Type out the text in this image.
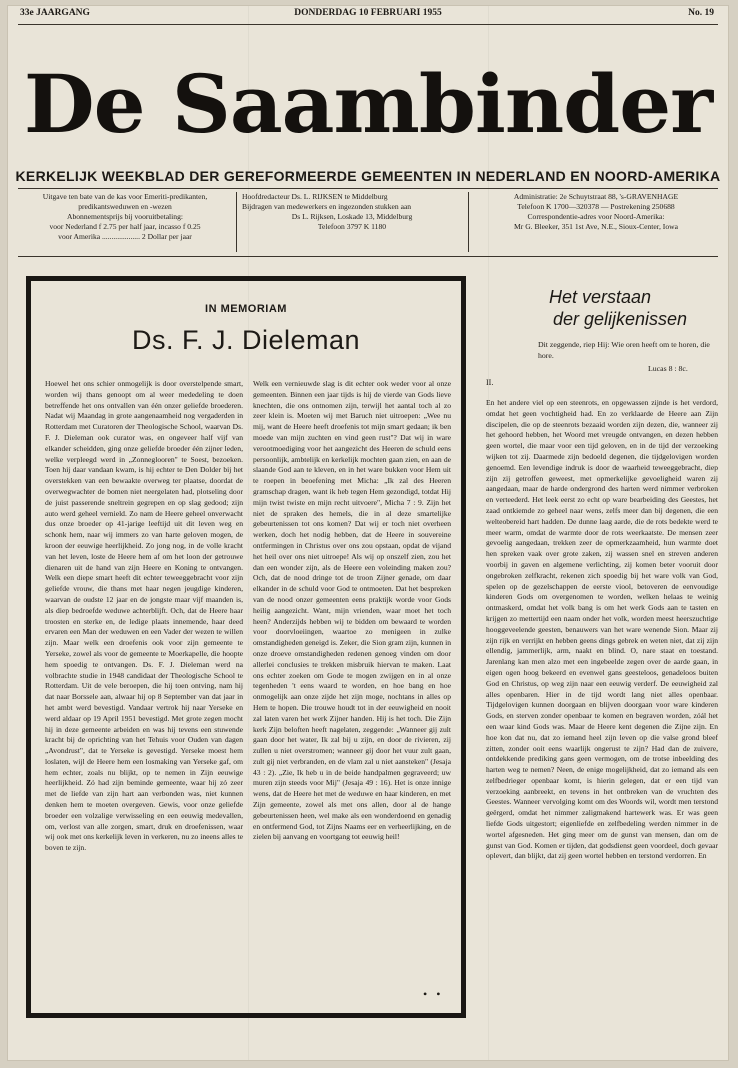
33e JAARGANG	DONDERDAG 10 FEBRUARI 1955	No. 19
De Saambinder
KERKELIJK WEEKBLAD DER GEREFORMEERDE GEMEENTEN IN NEDERLAND EN NOORD-AMERIKA
Uitgave ten bate van de kas voor Emeriti-predikanten,
predikantsweduwen en -wezen
Abonnementsprijs bij vooruitbetaling:
voor Nederland f 2.75 per half jaar, incasso f 0.25
voor Amerika .................... 2 Dollar per jaar
Hoofdredacteur Ds. L. RIJKSEN te Middelburg
Bijdragen van medewerkers en ingezonden stukken aan
Ds L. Rijksen, Loskade 13, Middelburg
Telefoon 3797 K 1180
Administratie: 2e Schuytstraat 88, 's-GRAVENHAGE
Telefoon K 1700—320378 — Postrekening 250688
Correspondentie-adres voor Noord-Amerika:
Mr G. Bleeker, 351 1st Ave, N.E., Sioux-Center, Iowa
IN MEMORIAM
Ds. F. J. Dieleman

Hoewel het ons schier onmogelijk is door overstelpende smart, worden wij thans genoopt om al weer mededeling te doen betreffende het ons ontvallen van één onzer geliefde broederen. Nadat wij Maandag in grote aangenaamheid nog vergaderden in Rotterdam met Curatoren der Theologische School, waarvan Ds. F. J. Dieleman ook curator was, en ongeveer half vijf van elkander scheidden, ging onze geliefde broeder één zijner leden, welke verpleegd werd in „Zonneglooren" te Soest, bezoeken. Toen hij daar vandaan kwam, is hij echter te Den Dolder bij het overstekken van een bewaakte overweg ter plaatse, doordat de overwegwachter de bomen niet neergelaten had, plotseling door de juist passerende sneltrein gegrepen en op slag gedood; zijn auto werd geheel vernield. Zo nam de Heere geheel onverwacht dus onze broeder op 41-jarige leeftijd uit dit leven weg en schonk hem, naar wij immers zo van harte geloven mogen, de kroon der eeuwige heerlijkheid. Zo jong nog, in de volle kracht van het leven, loste de Heere hem af om het loon der getrouwe dienaren uit de hand van zijn Heere en Koning te ontvangen. Welk een diepe smart heeft dit echter teweeggebracht voor zijn geliefde vrouw, die thans met haar negen jeugdige kinderen, waarvan de oudste 12 jaar en de jongste maar vijf maanden is, als diep bedroefde weduwe achterblijft. Och, dat de Heere haar troosten en sterke en, de ledige plaats innemende, haar deed ervaren een Man der weduwen en een Vader der wezen te willen zijn. Maar welk een droefenis ook voor zijn gemeente te Yerseke, zowel als voor de gemeente te Moerkapelle, die hoopte hem spoedig te ontvangen. Ds. F. J. Dieleman werd na volbrachte studie in 1948 candidaat der Theologische School te Rotterdam. Uit de vele beroepen, die hij toen ontving, nam hij dat naar Borssele aan, alwaar hij op 8 September van dat jaar in het ambt werd bevestigd. Vandaar vertrok hij naar Yerseke en werd aldaar op 19 April 1951 bevestigd. Met grote zegen mocht hij in deze gemeente arbeiden en was hij tevens een stuwende kracht bij de oprichting van het Tehuis voor Ouden van dagen „Avondrust", dat te Yerseke is gevestigd. Yerseke moest hem loslaten, wijl de Heere hem een losmaking van Yerseke gaf, om hem echter, zoals nu blijkt, op te nemen in Zijn eeuwige heerlijkheid. Zó had zijn beminde gemeente, waar hij zó zeer met de liefde van zijn hart aan verbonden was, niet kunnen denken hem te moeten overgeven. Gewis, voor onze geliefde broeder een volzalige verwisseling en een eeuwig medevallen, om, verlost van alle zorgen, smart, druk en droefenissen, waar wij ook met ons kerkelijk leven in verkeren, nu zo ineens alles te boven te zijn.

Welk een vernieuwde slag is dit echter ook weder voor al onze gemeenten. Binnen een jaar tijds is hij de vierde van Gods lieve knechten, die ons ontnomen zijn, terwijl het aantal toch al zo zeer klein is. Moeten wij met Baruch niet uitroepen: „Wee nu mij, want de Heere heeft droefenis tot mijn smart gedaan; ik ben moede van mijn zuchten en vind geen rust"? Dat wij in ware verootmoediging voor het aangezicht des Heeren de schuld eens persoonlijk, ambtelijk en kerkelijk mochten gaan zien, en aan de slaande God aan te kleven, en in het ware bukken voor Hem uit te roepen in beoefening met Micha: „Ik zal des Heeren gramschap dragen, want ik heb tegen Hem gezondigd, totdat Hij mijn twist twiste en mijn recht uitvoere", Micha 7 : 9. Zijn het niet de spraken des hemels, die in al deze smartelijke gebeurtenissen tot ons komen? Dat wij er toch niet overheen werken, doch het nodig hebben, dat de Heere in souvereine ontfermingen in Christus over ons zou opstaan, opdat de vijand het heil over ons niet uitroepe! Als wij op onszelf zien, zou het dan een wonder zijn, als de Heere een voleinding maken zou? Och, dat de nood dringe tot de troon Zijner genade, om daar elkander in de schuld voor God te ontmoeten. Dat het bespreken van de nood onzer gemeenten eens praktijk worde voor Gods heilig aangezicht. Want, mijn vrienden, waar moet het toch heen? Anderzijds hebben wij te bidden om bewaard te worden voor doorvloeiingen, waartoe zo menigeen in zulke omstandigheden geneigd is. Zeker, die Sion gram zijn, kunnen in onze droeve omstandigheden redenen genoeg vinden om door allerlei conclusies te trekken misbruik hiervan te maken. Laat ons echter zoeken om Gode te mogen zwijgen en in al onze tegenheden 't eens waard te worden, en hoe bang en hoe onmogelijk aan onze zijde het zijn moge, nochtans in alles op Hem te hopen. Die trouwe houdt tot in der eeuwigheid en nooit zal laten varen het werk Zijner handen. Hij is het toch. Die Zijn kerk Zijn beloften heeft nagelaten, zeggende: „Wanneer gij zult gaan door het water, Ik zal bij u zijn, en door de rivieren, zij zullen u niet overstromen; wanneer gij door het vuur zult gaan, zult gij niet verbranden, en de vlam zal u niet aansteken" (Jesaja 43 : 2). „Zie, Ik heb u in de beide handpalmen gegraveerd; uw muren zijn steeds voor Mij" (Jesaja 49 : 16). Het is onze innige wens, dat de Heere het met de weduwe en haar kinderen, en met Zijn gemeente, zowel als met ons allen, door al de hange gebeurtenissen heen, wel make als een wonderdoend en genadig en ontfermend God, tot Zijns Naams eer en verheerlijking, en de zielen bij aanvang en voortgang tot eeuwig heil!

• •
Het verstaan
der gelijkenissen
Dit zeggende, riep Hij: Wie oren heeft om te horen, die hore.
Lucas 8 : 8c.
II.

En het andere viel op een steenrots, en opgewassen zijnde is het verdord, omdat het geen vochtigheid had. En zo verklaarde de Heere aan Zijn discipelen, die op de steenrots bezaaid worden zijn dezen, die, wanneer zij het gehoord hebben, het Woord met vreugde ontvangen, en dezen hebben geen wortel, die maar voor een tijd geloven, en in de tijd der verzoeking wijken tot zij. Daarmede zijn bedoeld degenen, die tijdgelovigen worden genoemd. Een levendige indruk is door de waarheid teweeggebracht, diep zijn zij getroffen geweest, met opmerkelijke gevoeligheid waren zij aangedaan, maar de harde ondergrond des harten werd nimmer verbroken en verteederd. Het leek eerst zo echt op ware bearbeiding des Geestes, het zaad ontkiemde zo geheel naar wens, zelfs meer dan bij degenen, die een welteobereid hart hadden. De dunne laag aarde, die de rots bedekte werd te meer warm, omdat de warmte door de rots weerkaatste. De mensen zeer gevoelig aangedaan, trekken zeer de opmerkzaamheid, hun warmte doet hen spreken vaak over grote zaken, zij wassen snel en streven anderen voorbij in gaven en algemene verlichting, zij komen beter vooruit door ongebroken zelfkracht, rekenen zich spoedig bij het ware volk van God, spelen op de gezelschappen de eerste viool, betoveren de eenvoudige kinderen Gods om overgenomen te worden, welken helaas te weinig ontmaskerd, omdat het volk bang is om het werk Gods aan te tasten en krijgen zo mettertijd een naam onder het volk, worden meest heerszuchtige hooggeveelende geesten, benauwers van het ware wenende Sion. Maar zij zijn rijk en verrijkt en hebben geens dings gebrek en weten niet, dat zij zijn ellendig, jammerlijk, arm, naakt en blind. O, nare staat en toestand. Jarenlang kan men alzo met een ingebeelde zegen over de aarde gaan, in eigen ogen hoog bekeerd en evenwel gans geesteloos, genadeloos buiten God en Christus, op weg zijn naar een eeuwig verderf. De eeuwigheid zal alles openbaren. Hier in de tijd wordt lang niet alles openbaar. Tijdgelovigen kunnen doorgaan en blijven doorgaan voor ware kinderen Gods, en sterven zonder openbaar te komen en begraven worden, zóál het een waar kind Gods was. Maar de Heere kent degenen die Zijne zijn. En hoe kon dat nu, dat zo iemand heel zijn leven op die valse grond bleef zitten, zonder ooit eens waarlijk ongerust te zijn? Had dan de zuivere, ontdekkende prediking gans geen vermogen, om de trotse inbeelding des harten weg te nemen? Neen, de enige mogelijkheid, dat zo iemand als een zelfbedrieger openbaar komt, is hierin gelegen, dat er een tijd van verzoeking aanbreekt, en tevens in het ontbreken van de vruchten des Geestes. Wanneer vervolging komt om des Woords wil, wordt men terstond geërgerd, omdat het nimmer zaligmakend hartewerk was. Er was geen liefde Gods uitgestort; eigenliefde en zelfbedeling werden nimmer in de wortel afgesneden. Het ging meer om de gunst van mensen, dan om de gunst van God. Komen er tijden, dat godsdienst geen voordeel, doch gevaar oplevert, dan blijkt, dat zij geen wortel hebben en terstond verdorren. En
